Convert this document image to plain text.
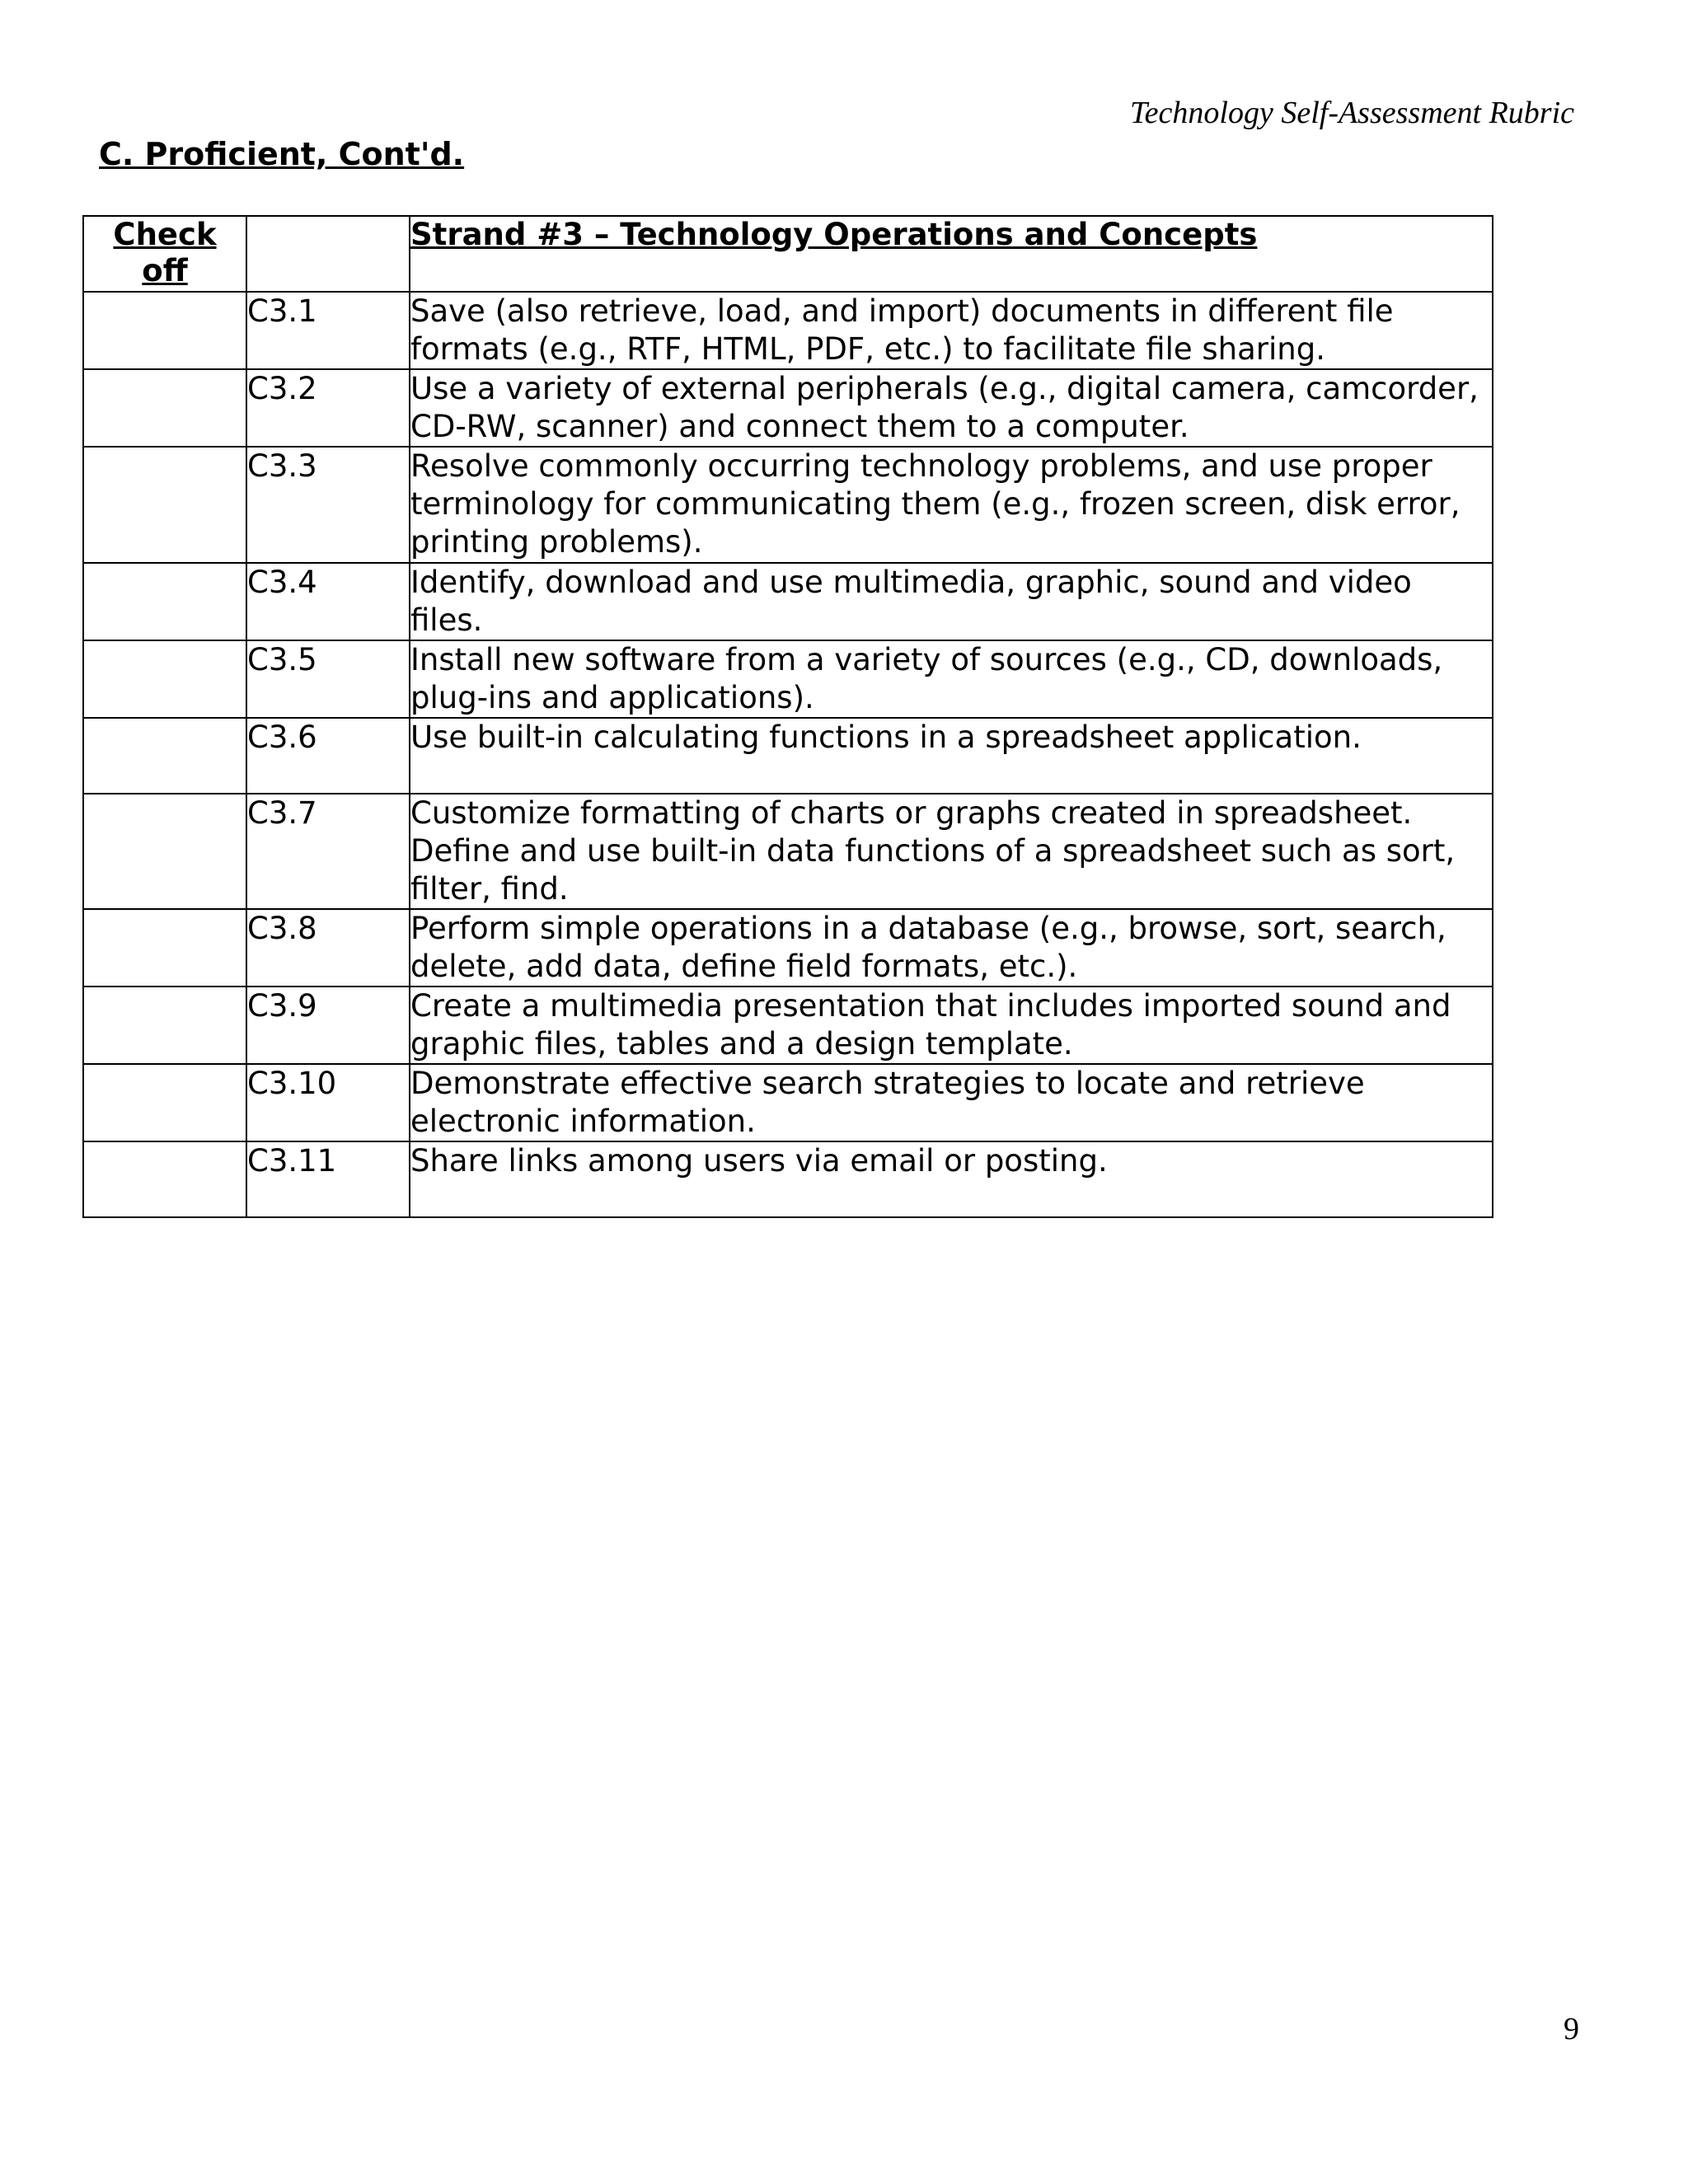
Technology Self-Assessment Rubric
C. Proficient, Cont'd.
Check off		Strand #3 – Technology Operations and Concepts
	C3.1	Save (also retrieve, load, and import) documents in different file formats (e.g., RTF, HTML, PDF, etc.) to facilitate file sharing.
	C3.2	Use a variety of external peripherals (e.g., digital camera, camcorder, CD-RW, scanner) and connect them to a computer.
	C3.3	Resolve commonly occurring technology problems, and use proper terminology for communicating them (e.g., frozen screen, disk error, printing problems).
	C3.4	Identify, download and use multimedia, graphic, sound and video files.
	C3.5	Install new software from a variety of sources (e.g., CD, downloads, plug-ins and applications).
	C3.6	Use built-in calculating functions in a spreadsheet application.
	C3.7	Customize formatting of charts or graphs created in spreadsheet. Define and use built-in data functions of a spreadsheet such as sort, filter, find.
	C3.8	Perform simple operations in a database (e.g., browse, sort, search, delete, add data, define field formats, etc.).
	C3.9	Create a multimedia presentation that includes imported sound and graphic files, tables and a design template.
	C3.10	Demonstrate effective search strategies to locate and retrieve electronic information.
	C3.11	Share links among users via email or posting.
9
